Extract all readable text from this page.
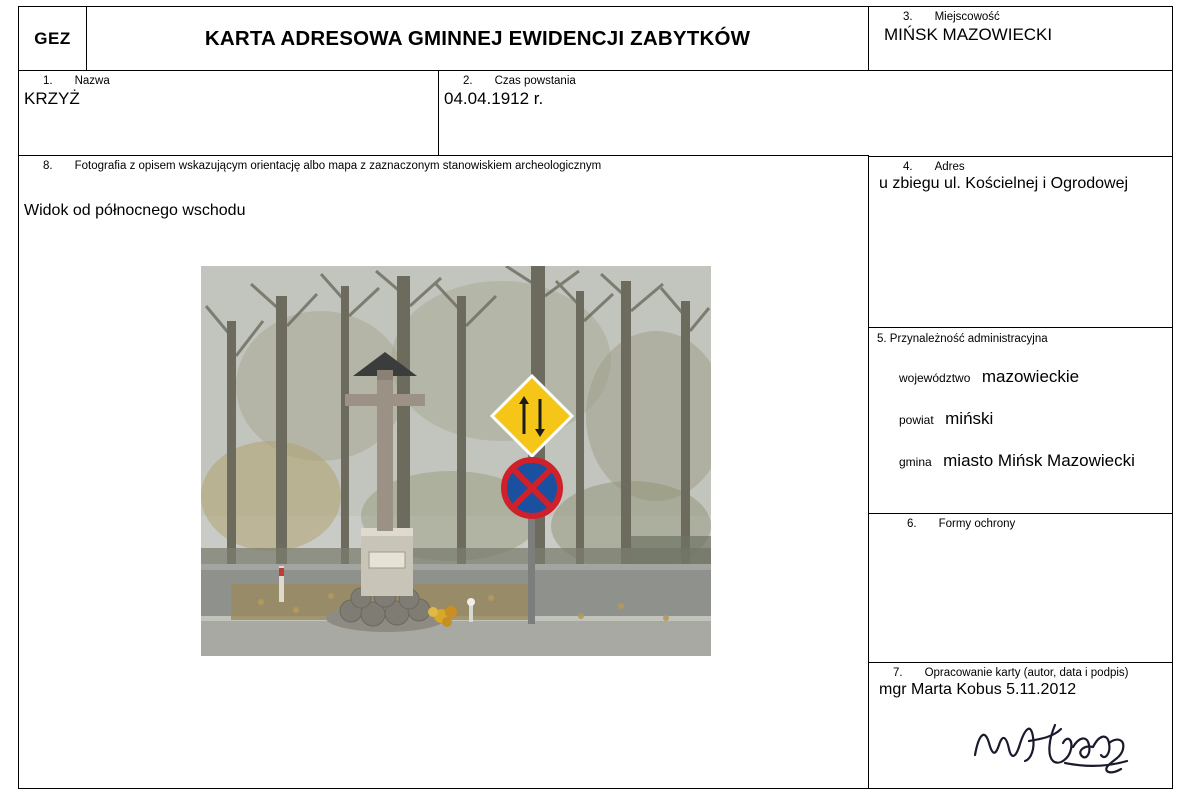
GEZ	KARTA ADRESOWA GMINNEJ EWIDENCJI ZABYTKÓW
3. Miejscowość
MIŃSK MAZOWIECKI
1. Nazwa
KRZYŻ
2. Czas powstania
04.04.1912 r.
8. Fotografia z opisem wskazującym orientację albo mapa z zaznaczonym stanowiskiem archeologicznym
Widok od północnego wschodu
4. Adres
u zbiegu ul. Kościelnej i Ogrodowej
5. Przynależność administracyjna
województwo mazowieckie
powiat miński
gmina miasto Mińsk Mazowiecki
6. Formy ochrony
7. Opracowanie karty (autor, data i podpis)
mgr Marta Kobus 5.11.2012
